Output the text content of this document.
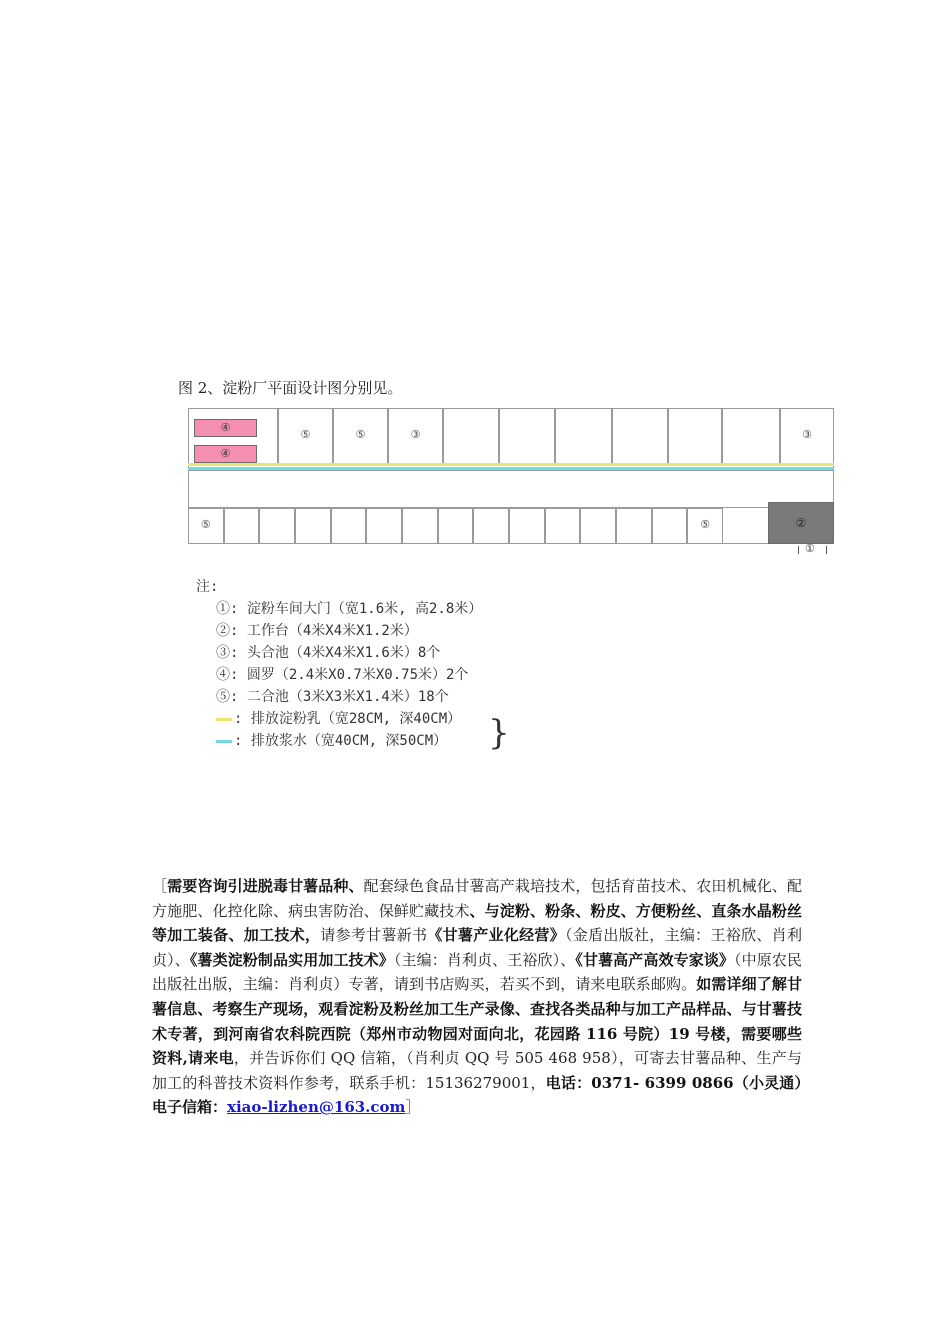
图 2、淀粉厂平面设计图分别见。
④
④
⑤	⑤	③	③
⑤	⑤	②
①
注:
①: 淀粉车间大门（宽1.6米, 高2.8米）
②: 工作台（4米X4米X1.2米）
③: 头合池（4米X4米X1.6米）8个
④: 圆罗（2.4米X0.7米X0.75米）2个
⑤: 二合池（3米X3米X1.4米）18个
: 排放淀粉乳（宽28CM, 深40CM）
: 排放浆水（宽40CM, 深50CM）	}
［需要咨询引进脱毒甘薯品种、配套绿色食品甘薯高产栽培技术，包括育苗技术、农田机械化、配方施肥、化控化除、病虫害防治、保鲜贮藏技术、与淀粉、粉条、粉皮、方便粉丝、直条水晶粉丝等加工装备、加工技术，请参考甘薯新书《甘薯产业化经营》（金盾出版社，主编：王裕欣、肖利贞）、《薯类淀粉制品实用加工技术》（主编：肖利贞、王裕欣）、《甘薯高产高效专家谈》（中原农民出版社出版，主编：肖利贞）专著，请到书店购买，若买不到，请来电联系邮购。如需详细了解甘薯信息、考察生产现场，观看淀粉及粉丝加工生产录像、查找各类品种与加工产品样品、与甘薯技术专著，到河南省农科院西院（郑州市动物园对面向北，花园路 116 号院）19 号楼，需要哪些资料,请来电，并告诉你们 QQ 信箱，（肖利贞 QQ 号 505 468 958），可寄去甘薯品种、生产与加工的科普技术资料作参考，联系手机：15136279001，电话：0371- 6399 0866（小灵通）电子信箱：xiao-lizhen@163.com］
